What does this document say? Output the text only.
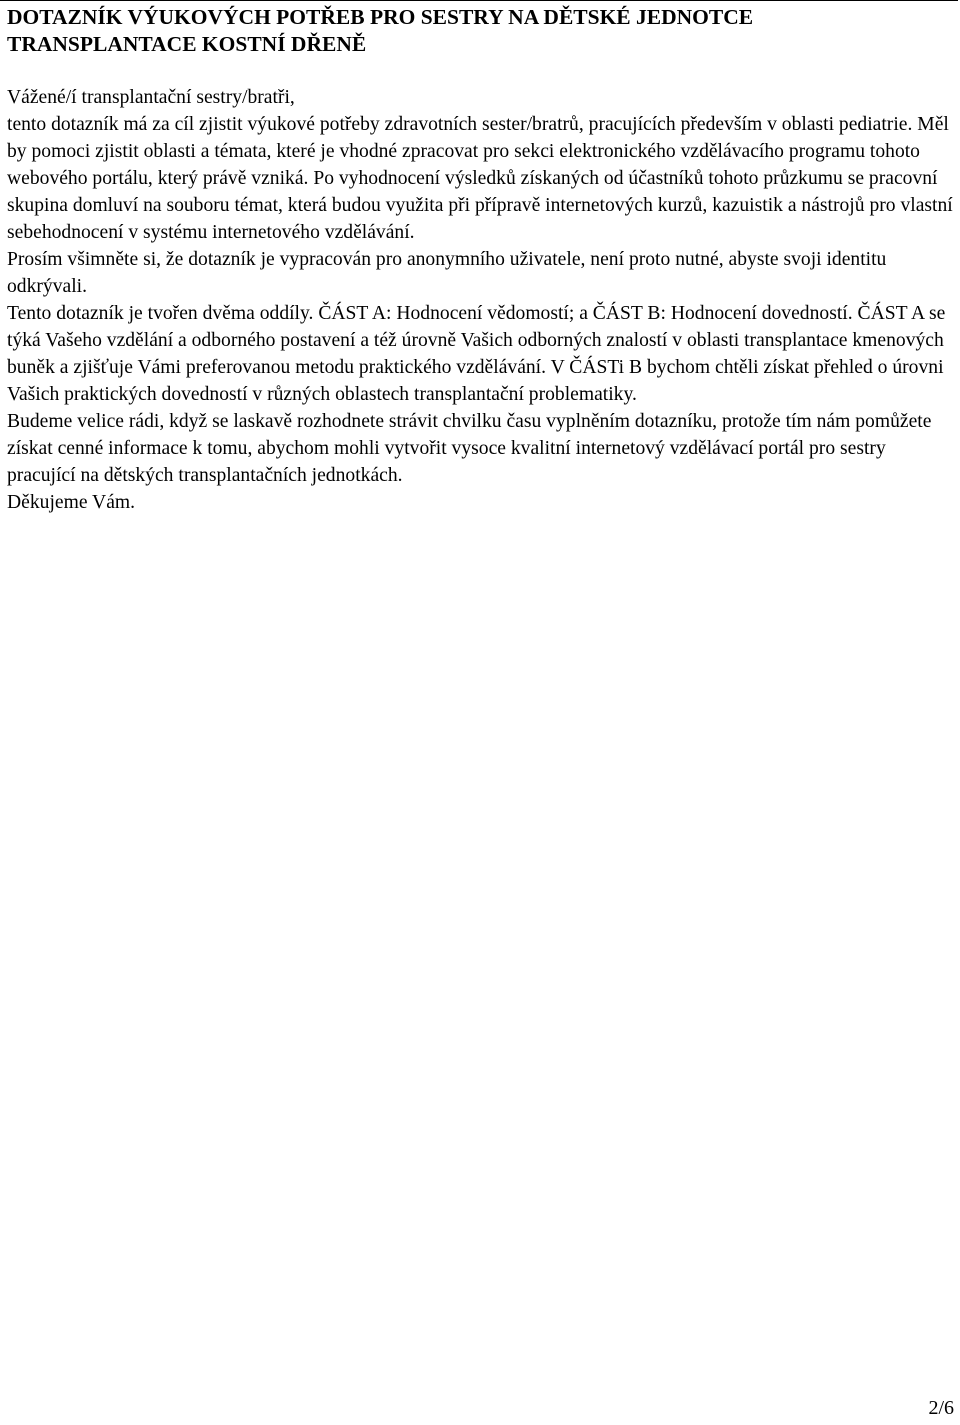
DOTAZNÍK VÝUKOVÝCH POTŘEB PRO SESTRY NA DĚTSKÉ JEDNOTCE
TRANSPLANTACE KOSTNÍ DŘENĚ

Vážené/í transplantační sestry/bratři,

tento dotazník má za cíl zjistit výukové potřeby zdravotních sester/bratrů, pracujících především v oblasti pediatrie. Měl by pomoci zjistit oblasti a témata, které je vhodné zpracovat pro sekci elektronického vzdělávacího programu tohoto webového portálu, který právě vzniká. Po vyhodnocení výsledků získaných od účastníků tohoto průzkumu se pracovní skupina domluví na souboru témat, která budou využita při přípravě internetových kurzů, kazuistik a nástrojů pro vlastní sebehodnocení v systému internetového vzdělávání.

Prosím všimněte si, že dotazník je vypracován pro anonymního uživatele, není proto nutné, abyste svoji identitu odkrývali.

Tento dotazník je tvořen dvěma oddíly. ČÁST A: Hodnocení vědomostí; a ČÁST B: Hodnocení dovedností. ČÁST A se týká Vašeho vzdělání a odborného postavení a též úrovně Vašich odborných znalostí v oblasti transplantace kmenových buněk a zjišťuje Vámi preferovanou metodu praktického vzdělávání. V ČÁSTi B bychom chtěli získat přehled o úrovni Vašich praktických dovedností v různých oblastech transplantační problematiky.

Budeme velice rádi, když se laskavě rozhodnete strávit chvilku času vyplněním dotazníku, protože tím nám pomůžete získat cenné informace k tomu, abychom mohli vytvořit vysoce kvalitní internetový vzdělávací portál pro sestry pracující na dětských transplantačních jednotkách.

Děkujeme Vám.

2/6
